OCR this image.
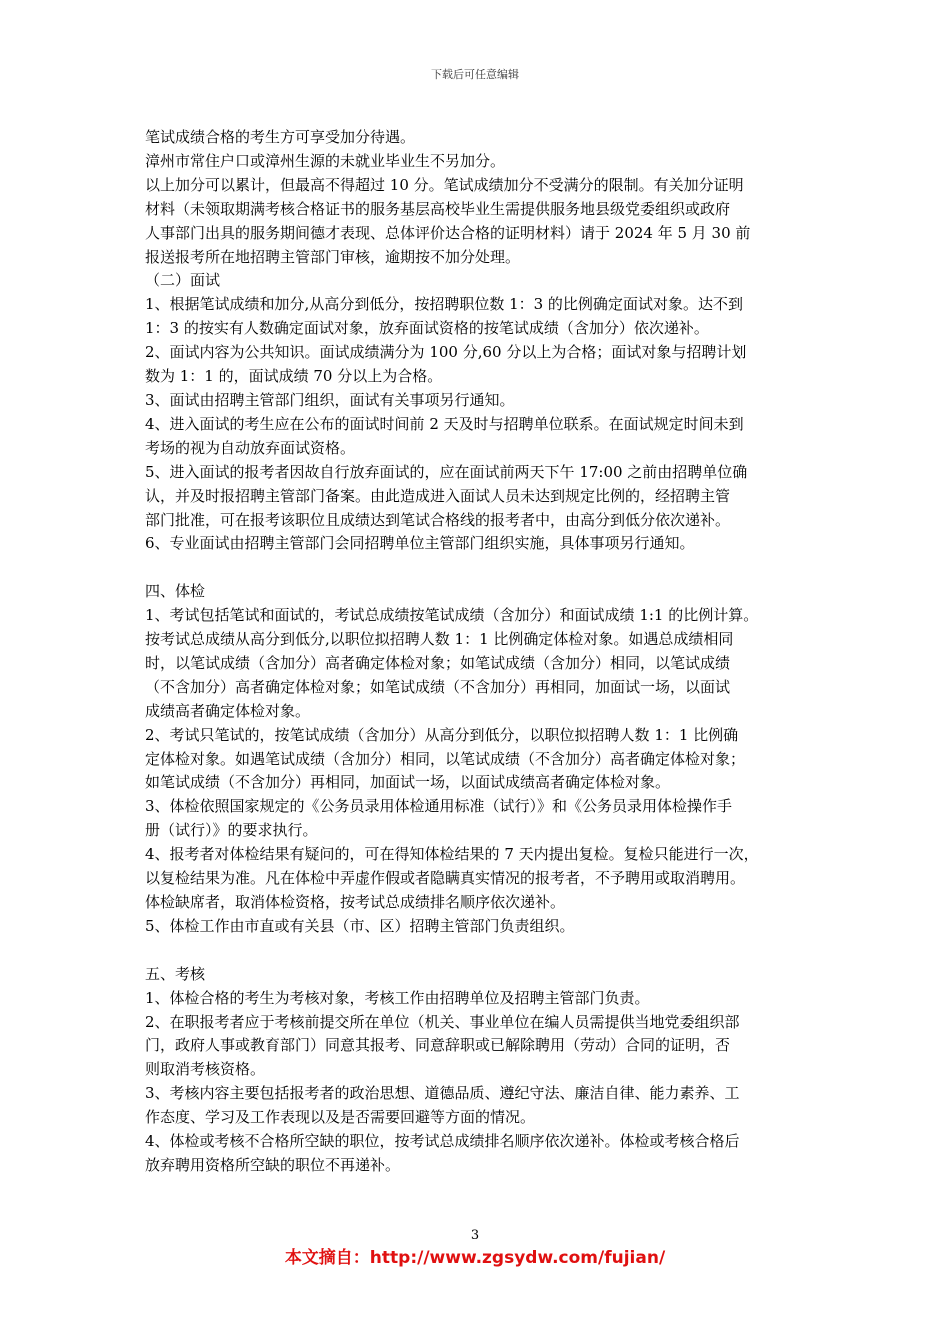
下载后可任意编辑

笔试成绩合格的考生方可享受加分待遇。

漳州市常住户口或漳州生源的未就业毕业生不另加分。

以上加分可以累计，但最高不得超过 10 分。笔试成绩加分不受满分的限制。有关加分证明

材料（未领取期满考核合格证书的服务基层高校毕业生需提供服务地县级党委组织或政府

人事部门出具的服务期间德才表现、总体评价达合格的证明材料）请于 2024 年 5 月 30 前

报送报考所在地招聘主管部门审核，逾期按不加分处理。

（二）面试

1、根据笔试成绩和加分,从高分到低分，按招聘职位数 1：3 的比例确定面试对象。达不到

1：3 的按实有人数确定面试对象，放弃面试资格的按笔试成绩（含加分）依次递补。

2、面试内容为公共知识。面试成绩满分为 100 分,60 分以上为合格；面试对象与招聘计划

数为 1：1 的，面试成绩 70 分以上为合格。

3、面试由招聘主管部门组织，面试有关事项另行通知。

4、进入面试的考生应在公布的面试时间前 2 天及时与招聘单位联系。在面试规定时间未到

考场的视为自动放弃面试资格。

5、进入面试的报考者因故自行放弃面试的，应在面试前两天下午 17:00 之前由招聘单位确

认，并及时报招聘主管部门备案。由此造成进入面试人员未达到规定比例的，经招聘主管

部门批准，可在报考该职位且成绩达到笔试合格线的报考者中，由高分到低分依次递补。

6、专业面试由招聘主管部门会同招聘单位主管部门组织实施，具体事项另行通知。

四、体检

1、考试包括笔试和面试的，考试总成绩按笔试成绩（含加分）和面试成绩 1:1 的比例计算。

按考试总成绩从高分到低分,以职位拟招聘人数 1：1 比例确定体检对象。如遇总成绩相同

时，以笔试成绩（含加分）高者确定体检对象；如笔试成绩（含加分）相同，以笔试成绩

（不含加分）高者确定体检对象；如笔试成绩（不含加分）再相同，加面试一场，以面试

成绩高者确定体检对象。

2、考试只笔试的，按笔试成绩（含加分）从高分到低分，以职位拟招聘人数 1：1 比例确

定体检对象。如遇笔试成绩（含加分）相同，以笔试成绩（不含加分）高者确定体检对象；

如笔试成绩（不含加分）再相同，加面试一场，以面试成绩高者确定体检对象。

3、体检依照国家规定的《公务员录用体检通用标准（试行）》和《公务员录用体检操作手

册（试行）》的要求执行。

4、报考者对体检结果有疑问的，可在得知体检结果的 7 天内提出复检。复检只能进行一次，

以复检结果为准。凡在体检中弄虚作假或者隐瞒真实情况的报考者，不予聘用或取消聘用。

体检缺席者，取消体检资格，按考试总成绩排名顺序依次递补。

5、体检工作由市直或有关县（市、区）招聘主管部门负责组织。

五、考核

1、体检合格的考生为考核对象，考核工作由招聘单位及招聘主管部门负责。

2、在职报考者应于考核前提交所在单位（机关、事业单位在编人员需提供当地党委组织部

门，政府人事或教育部门）同意其报考、同意辞职或已解除聘用（劳动）合同的证明，否

则取消考核资格。

3、考核内容主要包括报考者的政治思想、道德品质、遵纪守法、廉洁自律、能力素养、工

作态度、学习及工作表现以及是否需要回避等方面的情况。

4、体检或考核不合格所空缺的职位，按考试总成绩排名顺序依次递补。体检或考核合格后

放弃聘用资格所空缺的职位不再递补。

3
本文摘自：http://www.zgsydw.com/fujian/
